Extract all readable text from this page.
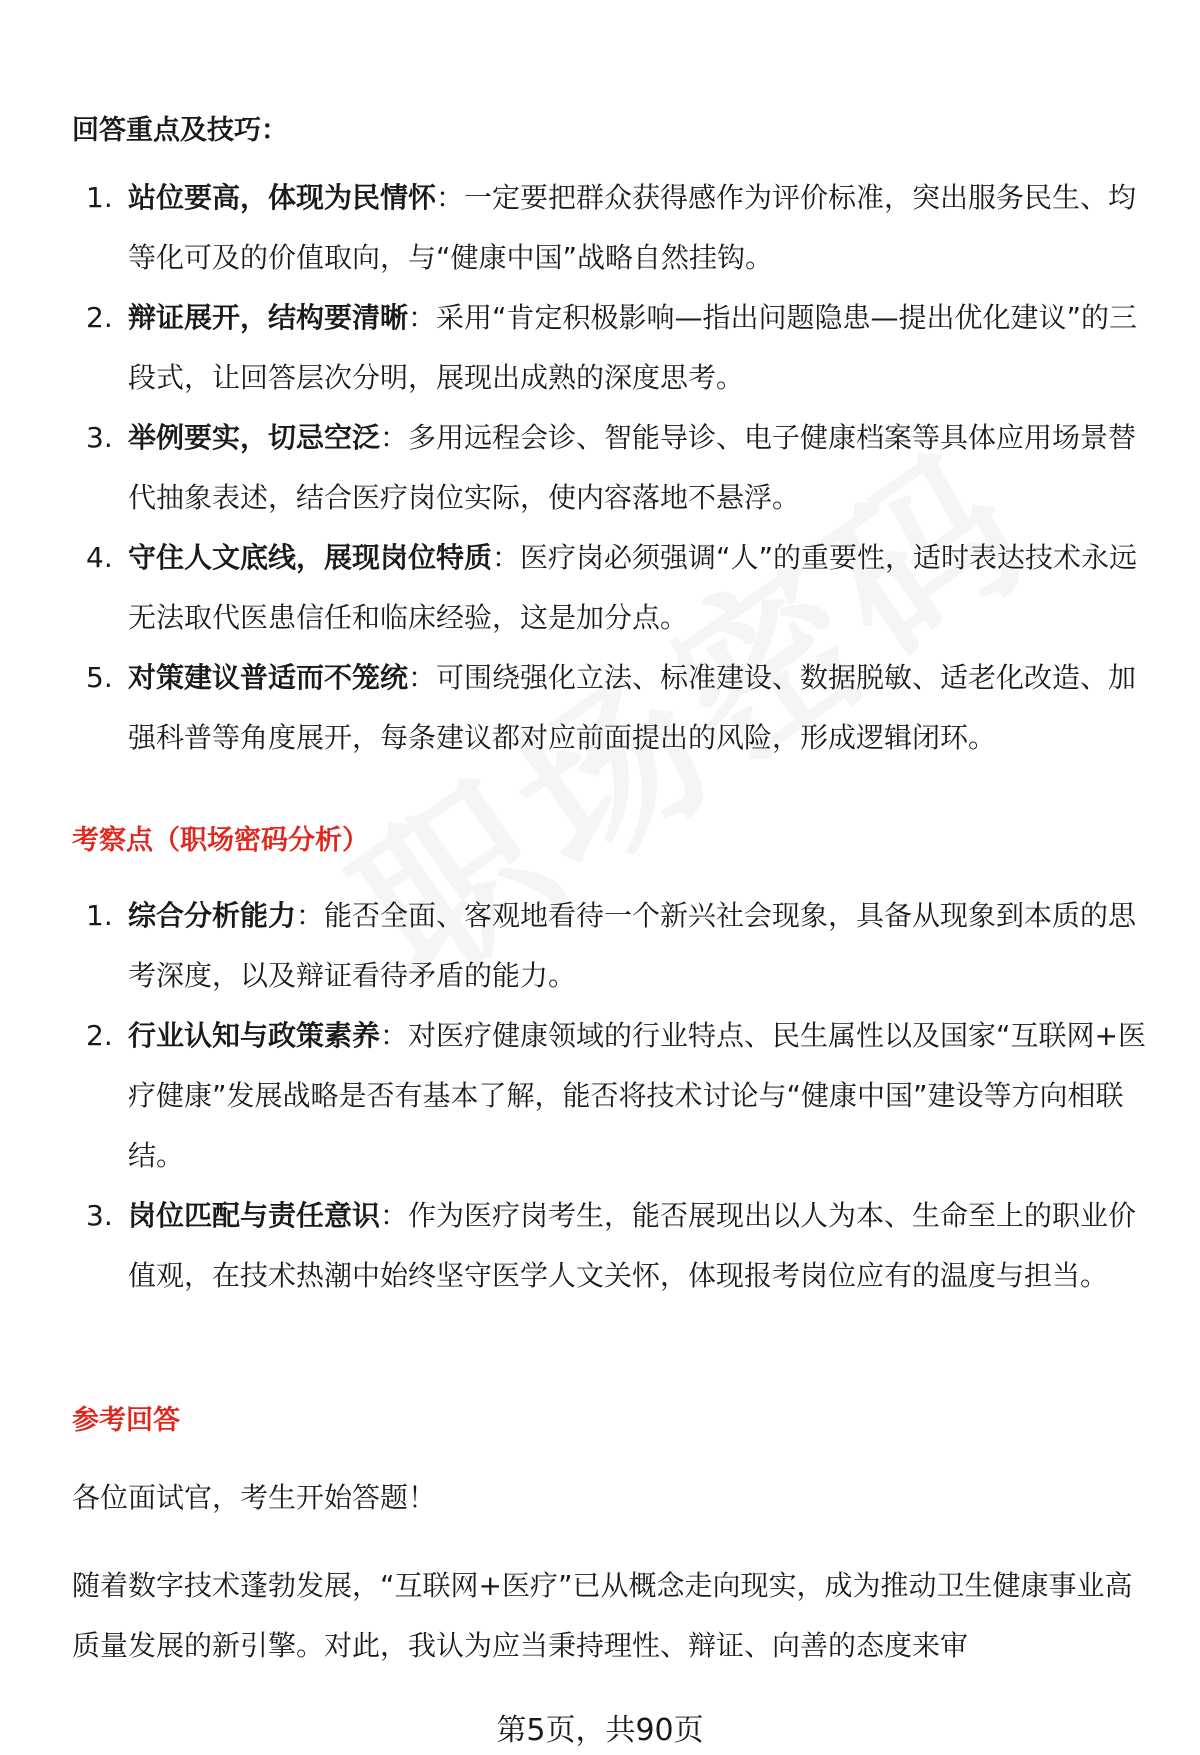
回答重点及技巧：
1. 站位要高，体现为民情怀：一定要把群众获得感作为评价标准，突出服务民生、均等化可及的价值取向，与“健康中国”战略自然挂钩。
2. 辩证展开，结构要清晰：采用“肯定积极影响—指出问题隐患—提出优化建议”的三段式，让回答层次分明，展现出成熟的深度思考。
3. 举例要实，切忌空泛：多用远程会诊、智能导诊、电子健康档案等具体应用场景替代抽象表述，结合医疗岗位实际，使内容落地不悬浮。
4. 守住人文底线，展现岗位特质：医疗岗必须强调“人”的重要性，适时表达技术永远无法取代医患信任和临床经验，这是加分点。
5. 对策建议普适而不笼统：可围绕强化立法、标准建设、数据脱敏、适老化改造、加强科普等角度展开，每条建议都对应前面提出的风险，形成逻辑闭环。
考察点（职场密码分析）
1. 综合分析能力：能否全面、客观地看待一个新兴社会现象，具备从现象到本质的思考深度，以及辩证看待矛盾的能力。
2. 行业认知与政策素养：对医疗健康领域的行业特点、民生属性以及国家“互联网+医疗健康”发展战略是否有基本了解，能否将技术讨论与“健康中国”建设等方向相联结。
3. 岗位匹配与责任意识：作为医疗岗考生，能否展现出以人为本、生命至上的职业价值观，在技术热潮中始终坚守医学人文关怀，体现报考岗位应有的温度与担当。
参考回答
各位面试官，考生开始答题！
随着数字技术蓬勃发展，“互联网+医疗”已从概念走向现实，成为推动卫生健康事业高质量发展的新引擎。对此，我认为应当秉持理性、辩证、向善的态度来审
第5页，共90页
